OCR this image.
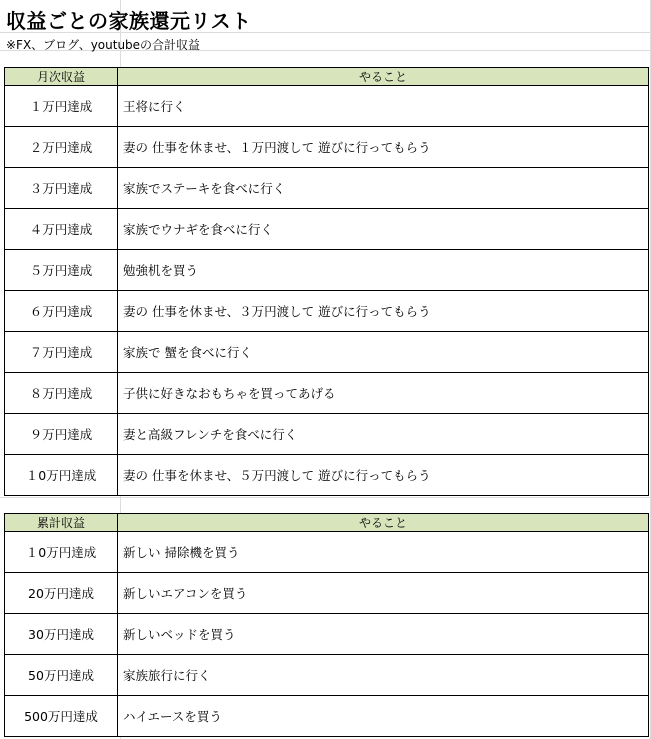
収益ごとの家族還元リスト
※FX、ブログ、youtubeの合計収益
月次収益	やること
１万円達成	王将に行く
２万円達成	妻の 仕事を休ませ、１万円渡して 遊びに行ってもらう
３万円達成	家族でステーキを食べに行く
４万円達成	家族でウナギを食べに行く
５万円達成	勉強机を買う
６万円達成	妻の 仕事を休ませ、３万円渡して 遊びに行ってもらう
７万円達成	家族で 蟹を食べに行く
８万円達成	子供に好きなおもちゃを買ってあげる
９万円達成	妻と高級フレンチを食べに行く
１0万円達成	妻の 仕事を休ませ、５万円渡して 遊びに行ってもらう
累計収益	やること
１0万円達成	新しい 掃除機を買う
20万円達成	新しいエアコンを買う
30万円達成	新しいベッドを買う
50万円達成	家族旅行に行く
500万円達成	ハイエースを買う
